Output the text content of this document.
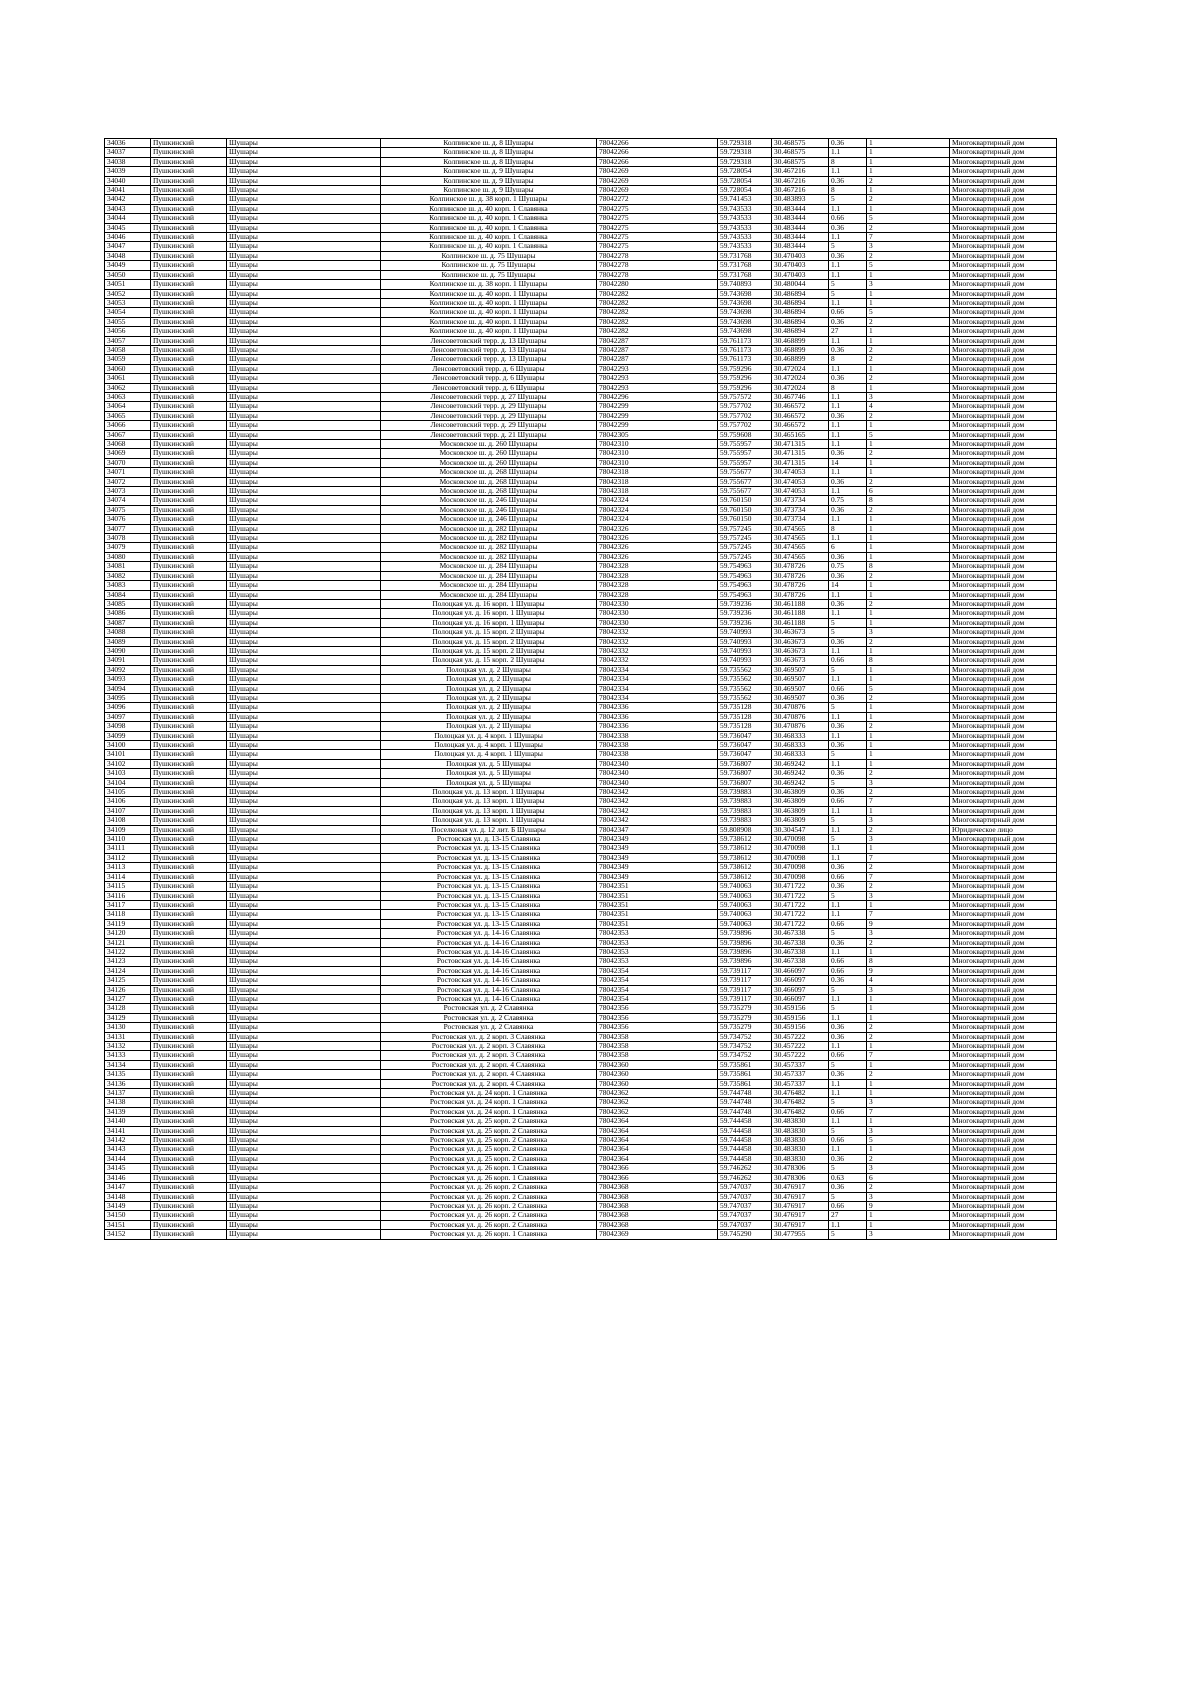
34036	Пушкинский	Шушары	Колпинское ш. д. 8 Шушары	78042266	59.729318	30.468575	0.36	1	Многоквартирный дом
34037	Пушкинский	Шушары	Колпинское ш. д. 8 Шушары	78042266	59.729318	30.468575	1.1	1	Многоквартирный дом
34038	Пушкинский	Шушары	Колпинское ш. д. 8 Шушары	78042266	59.729318	30.468575	8	1	Многоквартирный дом
34039	Пушкинский	Шушары	Колпинское ш. д. 9 Шушары	78042269	59.728054	30.467216	1.1	1	Многоквартирный дом
34040	Пушкинский	Шушары	Колпинское ш. д. 9 Шушары	78042269	59.728054	30.467216	0.36	2	Многоквартирный дом
34041	Пушкинский	Шушары	Колпинское ш. д. 9 Шушары	78042269	59.728054	30.467216	8	1	Многоквартирный дом
34042	Пушкинский	Шушары	Колпинское ш. д. 38 корп. 1 Шушары	78042272	59.741453	30.483893	5	2	Многоквартирный дом
34043	Пушкинский	Шушары	Колпинское ш. д. 40 корп. 1 Славянка	78042275	59.743533	30.483444	1.1	1	Многоквартирный дом
34044	Пушкинский	Шушары	Колпинское ш. д. 40 корп. 1 Славянка	78042275	59.743533	30.483444	0.66	5	Многоквартирный дом
34045	Пушкинский	Шушары	Колпинское ш. д. 40 корп. 1 Славянка	78042275	59.743533	30.483444	0.36	2	Многоквартирный дом
34046	Пушкинский	Шушары	Колпинское ш. д. 40 корп. 1 Славянка	78042275	59.743533	30.483444	1.1	7	Многоквартирный дом
34047	Пушкинский	Шушары	Колпинское ш. д. 40 корп. 1 Славянка	78042275	59.743533	30.483444	5	3	Многоквартирный дом
34048	Пушкинский	Шушары	Колпинское ш. д. 75 Шушары	78042278	59.731768	30.470403	0.36	2	Многоквартирный дом
34049	Пушкинский	Шушары	Колпинское ш. д. 75 Шушары	78042278	59.731768	30.470403	1.1	5	Многоквартирный дом
34050	Пушкинский	Шушары	Колпинское ш. д. 75 Шушары	78042278	59.731768	30.470403	1.1	1	Многоквартирный дом
34051	Пушкинский	Шушары	Колпинское ш. д. 38 корп. 1 Шушары	78042280	59.740893	30.480044	5	3	Многоквартирный дом
34052	Пушкинский	Шушары	Колпинское ш. д. 40 корп. 1 Шушары	78042282	59.743698	30.486894	5	1	Многоквартирный дом
34053	Пушкинский	Шушары	Колпинское ш. д. 40 корп. 1 Шушары	78042282	59.743698	30.486894	1.1	1	Многоквартирный дом
34054	Пушкинский	Шушары	Колпинское ш. д. 40 корп. 1 Шушары	78042282	59.743698	30.486894	0.66	5	Многоквартирный дом
34055	Пушкинский	Шушары	Колпинское ш. д. 40 корп. 1 Шушары	78042282	59.743698	30.486894	0.36	2	Многоквартирный дом
34056	Пушкинский	Шушары	Колпинское ш. д. 40 корп. 1 Шушары	78042282	59.743698	30.486894	27	1	Многоквартирный дом
34057	Пушкинский	Шушары	Ленсоветовский терр. д. 13 Шушары	78042287	59.761173	30.468899	1.1	1	Многоквартирный дом
34058	Пушкинский	Шушары	Ленсоветовский терр. д. 13 Шушары	78042287	59.761173	30.468899	0.36	2	Многоквартирный дом
34059	Пушкинский	Шушары	Ленсоветовский терр. д. 13 Шушары	78042287	59.761173	30.468899	8	2	Многоквартирный дом
34060	Пушкинский	Шушары	Ленсоветовский терр. д. 6 Шушары	78042293	59.759296	30.472024	1.1	1	Многоквартирный дом
34061	Пушкинский	Шушары	Ленсоветовский терр. д. 6 Шушары	78042293	59.759296	30.472024	0.36	2	Многоквартирный дом
34062	Пушкинский	Шушары	Ленсоветовский терр. д. 6 Шушары	78042293	59.759296	30.472024	8	1	Многоквартирный дом
34063	Пушкинский	Шушары	Ленсоветовский терр. д. 27 Шушары	78042296	59.757572	30.467746	1.1	3	Многоквартирный дом
34064	Пушкинский	Шушары	Ленсоветовский терр. д. 29 Шушары	78042299	59.757702	30.466572	1.1	4	Многоквартирный дом
34065	Пушкинский	Шушары	Ленсоветовский терр. д. 29 Шушары	78042299	59.757702	30.466572	0.36	2	Многоквартирный дом
34066	Пушкинский	Шушары	Ленсоветовский терр. д. 29 Шушары	78042299	59.757702	30.466572	1.1	1	Многоквартирный дом
34067	Пушкинский	Шушары	Ленсоветовский терр. д. 21 Шушары	78042305	59.759608	30.465165	1.1	5	Многоквартирный дом
34068	Пушкинский	Шушары	Московское ш. д. 260 Шушары	78042310	59.755957	30.471315	1.1	1	Многоквартирный дом
34069	Пушкинский	Шушары	Московское ш. д. 260 Шушары	78042310	59.755957	30.471315	0.36	2	Многоквартирный дом
34070	Пушкинский	Шушары	Московское ш. д. 260 Шушары	78042310	59.755957	30.471315	14	1	Многоквартирный дом
34071	Пушкинский	Шушары	Московское ш. д. 268 Шушары	78042318	59.755677	30.474053	1.1	1	Многоквартирный дом
34072	Пушкинский	Шушары	Московское ш. д. 268 Шушары	78042318	59.755677	30.474053	0.36	2	Многоквартирный дом
34073	Пушкинский	Шушары	Московское ш. д. 268 Шушары	78042318	59.755677	30.474053	1.1	6	Многоквартирный дом
34074	Пушкинский	Шушары	Московское ш. д. 246 Шушары	78042324	59.760150	30.473734	0.75	8	Многоквартирный дом
34075	Пушкинский	Шушары	Московское ш. д. 246 Шушары	78042324	59.760150	30.473734	0.36	2	Многоквартирный дом
34076	Пушкинский	Шушары	Московское ш. д. 246 Шушары	78042324	59.760150	30.473734	1.1	1	Многоквартирный дом
34077	Пушкинский	Шушары	Московское ш. д. 282 Шушары	78042326	59.757245	30.474565	8	1	Многоквартирный дом
34078	Пушкинский	Шушары	Московское ш. д. 282 Шушары	78042326	59.757245	30.474565	1.1	1	Многоквартирный дом
34079	Пушкинский	Шушары	Московское ш. д. 282 Шушары	78042326	59.757245	30.474565	6	1	Многоквартирный дом
34080	Пушкинский	Шушары	Московское ш. д. 282 Шушары	78042326	59.757245	30.474565	0.36	1	Многоквартирный дом
34081	Пушкинский	Шушары	Московское ш. д. 284 Шушары	78042328	59.754963	30.478726	0.75	8	Многоквартирный дом
34082	Пушкинский	Шушары	Московское ш. д. 284 Шушары	78042328	59.754963	30.478726	0.36	2	Многоквартирный дом
34083	Пушкинский	Шушары	Московское ш. д. 284 Шушары	78042328	59.754963	30.478726	14	1	Многоквартирный дом
34084	Пушкинский	Шушары	Московское ш. д. 284 Шушары	78042328	59.754963	30.478726	1.1	1	Многоквартирный дом
34085	Пушкинский	Шушары	Полоцкая ул. д. 16 корп. 1 Шушары	78042330	59.739236	30.461188	0.36	2	Многоквартирный дом
34086	Пушкинский	Шушары	Полоцкая ул. д. 16 корп. 1 Шушары	78042330	59.739236	30.461188	1.1	1	Многоквартирный дом
34087	Пушкинский	Шушары	Полоцкая ул. д. 16 корп. 1 Шушары	78042330	59.739236	30.461188	5	1	Многоквартирный дом
34088	Пушкинский	Шушары	Полоцкая ул. д. 15 корп. 2 Шушары	78042332	59.740993	30.463673	5	3	Многоквартирный дом
34089	Пушкинский	Шушары	Полоцкая ул. д. 15 корп. 2 Шушары	78042332	59.740993	30.463673	0.36	2	Многоквартирный дом
34090	Пушкинский	Шушары	Полоцкая ул. д. 15 корп. 2 Шушары	78042332	59.740993	30.463673	1.1	1	Многоквартирный дом
34091	Пушкинский	Шушары	Полоцкая ул. д. 15 корп. 2 Шушары	78042332	59.740993	30.463673	0.66	8	Многоквартирный дом
34092	Пушкинский	Шушары	Полоцкая ул. д. 2 Шушары	78042334	59.735562	30.469507	5	1	Многоквартирный дом
34093	Пушкинский	Шушары	Полоцкая ул. д. 2 Шушары	78042334	59.735562	30.469507	1.1	1	Многоквартирный дом
34094	Пушкинский	Шушары	Полоцкая ул. д. 2 Шушары	78042334	59.735562	30.469507	0.66	5	Многоквартирный дом
34095	Пушкинский	Шушары	Полоцкая ул. д. 2 Шушары	78042334	59.735562	30.469507	0.36	2	Многоквартирный дом
34096	Пушкинский	Шушары	Полоцкая ул. д. 2 Шушары	78042336	59.735128	30.470876	5	1	Многоквартирный дом
34097	Пушкинский	Шушары	Полоцкая ул. д. 2 Шушары	78042336	59.735128	30.470876	1.1	1	Многоквартирный дом
34098	Пушкинский	Шушары	Полоцкая ул. д. 2 Шушары	78042336	59.735128	30.470876	0.36	2	Многоквартирный дом
34099	Пушкинский	Шушары	Полоцкая ул. д. 4 корп. 1 Шушары	78042338	59.736047	30.468333	1.1	1	Многоквартирный дом
34100	Пушкинский	Шушары	Полоцкая ул. д. 4 корп. 1 Шушары	78042338	59.736047	30.468333	0.36	1	Многоквартирный дом
34101	Пушкинский	Шушары	Полоцкая ул. д. 4 корп. 1 Шушары	78042338	59.736047	30.468333	5	1	Многоквартирный дом
34102	Пушкинский	Шушары	Полоцкая ул. д. 5 Шушары	78042340	59.736807	30.469242	1.1	1	Многоквартирный дом
34103	Пушкинский	Шушары	Полоцкая ул. д. 5 Шушары	78042340	59.736807	30.469242	0.36	2	Многоквартирный дом
34104	Пушкинский	Шушары	Полоцкая ул. д. 5 Шушары	78042340	59.736807	30.469242	5	3	Многоквартирный дом
34105	Пушкинский	Шушары	Полоцкая ул. д. 13 корп. 1 Шушары	78042342	59.739883	30.463809	0.36	2	Многоквартирный дом
34106	Пушкинский	Шушары	Полоцкая ул. д. 13 корп. 1 Шушары	78042342	59.739883	30.463809	0.66	7	Многоквартирный дом
34107	Пушкинский	Шушары	Полоцкая ул. д. 13 корп. 1 Шушары	78042342	59.739883	30.463809	1.1	1	Многоквартирный дом
34108	Пушкинский	Шушары	Полоцкая ул. д. 13 корп. 1 Шушары	78042342	59.739883	30.463809	5	3	Многоквартирный дом
34109	Пушкинский	Шушары	Поселковая ул. д. 12 лит. Б Шушары	78042347	59.808908	30.304547	1.1	2	Юридическое лицо
34110	Пушкинский	Шушары	Ростовская ул. д. 13-15 Славянка	78042349	59.738612	30.470098	5	3	Многоквартирный дом
34111	Пушкинский	Шушары	Ростовская ул. д. 13-15 Славянка	78042349	59.738612	30.470098	1.1	1	Многоквартирный дом
34112	Пушкинский	Шушары	Ростовская ул. д. 13-15 Славянка	78042349	59.738612	30.470098	1.1	7	Многоквартирный дом
34113	Пушкинский	Шушары	Ростовская ул. д. 13-15 Славянка	78042349	59.738612	30.470098	0.36	2	Многоквартирный дом
34114	Пушкинский	Шушары	Ростовская ул. д. 13-15 Славянка	78042349	59.738612	30.470098	0.66	7	Многоквартирный дом
34115	Пушкинский	Шушары	Ростовская ул. д. 13-15 Славянка	78042351	59.740063	30.471722	0.36	2	Многоквартирный дом
34116	Пушкинский	Шушары	Ростовская ул. д. 13-15 Славянка	78042351	59.740063	30.471722	5	3	Многоквартирный дом
34117	Пушкинский	Шушары	Ростовская ул. д. 13-15 Славянка	78042351	59.740063	30.471722	1.1	1	Многоквартирный дом
34118	Пушкинский	Шушары	Ростовская ул. д. 13-15 Славянка	78042351	59.740063	30.471722	1.1	7	Многоквартирный дом
34119	Пушкинский	Шушары	Ростовская ул. д. 13-15 Славянка	78042351	59.740063	30.471722	0.66	9	Многоквартирный дом
34120	Пушкинский	Шушары	Ростовская ул. д. 14-16 Славянка	78042353	59.739896	30.467338	5	3	Многоквартирный дом
34121	Пушкинский	Шушары	Ростовская ул. д. 14-16 Славянка	78042353	59.739896	30.467338	0.36	2	Многоквартирный дом
34122	Пушкинский	Шушары	Ростовская ул. д. 14-16 Славянка	78042353	59.739896	30.467338	1.1	1	Многоквартирный дом
34123	Пушкинский	Шушары	Ростовская ул. д. 14-16 Славянка	78042353	59.739896	30.467338	0.66	8	Многоквартирный дом
34124	Пушкинский	Шушары	Ростовская ул. д. 14-16 Славянка	78042354	59.739117	30.466097	0.66	9	Многоквартирный дом
34125	Пушкинский	Шушары	Ростовская ул. д. 14-16 Славянка	78042354	59.739117	30.466097	0.36	4	Многоквартирный дом
34126	Пушкинский	Шушары	Ростовская ул. д. 14-16 Славянка	78042354	59.739117	30.466097	5	3	Многоквартирный дом
34127	Пушкинский	Шушары	Ростовская ул. д. 14-16 Славянка	78042354	59.739117	30.466097	1.1	1	Многоквартирный дом
34128	Пушкинский	Шушары	Ростовская ул. д. 2 Славянка	78042356	59.735279	30.459156	5	1	Многоквартирный дом
34129	Пушкинский	Шушары	Ростовская ул. д. 2 Славянка	78042356	59.735279	30.459156	1.1	1	Многоквартирный дом
34130	Пушкинский	Шушары	Ростовская ул. д. 2 Славянка	78042356	59.735279	30.459156	0.36	2	Многоквартирный дом
34131	Пушкинский	Шушары	Ростовская ул. д. 2 корп. 3 Славянка	78042358	59.734752	30.457222	0.36	2	Многоквартирный дом
34132	Пушкинский	Шушары	Ростовская ул. д. 2 корп. 3 Славянка	78042358	59.734752	30.457222	1.1	1	Многоквартирный дом
34133	Пушкинский	Шушары	Ростовская ул. д. 2 корп. 3 Славянка	78042358	59.734752	30.457222	0.66	7	Многоквартирный дом
34134	Пушкинский	Шушары	Ростовская ул. д. 2 корп. 4 Славянка	78042360	59.735861	30.457337	5	1	Многоквартирный дом
34135	Пушкинский	Шушары	Ростовская ул. д. 2 корп. 4 Славянка	78042360	59.735861	30.457337	0.36	2	Многоквартирный дом
34136	Пушкинский	Шушары	Ростовская ул. д. 2 корп. 4 Славянка	78042360	59.735861	30.457337	1.1	1	Многоквартирный дом
34137	Пушкинский	Шушары	Ростовская ул. д. 24 корп. 1 Славянка	78042362	59.744748	30.476482	1.1	1	Многоквартирный дом
34138	Пушкинский	Шушары	Ростовская ул. д. 24 корп. 1 Славянка	78042362	59.744748	30.476482	5	3	Многоквартирный дом
34139	Пушкинский	Шушары	Ростовская ул. д. 24 корп. 1 Славянка	78042362	59.744748	30.476482	0.66	7	Многоквартирный дом
34140	Пушкинский	Шушары	Ростовская ул. д. 25 корп. 2 Славянка	78042364	59.744458	30.483830	1.1	1	Многоквартирный дом
34141	Пушкинский	Шушары	Ростовская ул. д. 25 корп. 2 Славянка	78042364	59.744458	30.483830	5	3	Многоквартирный дом
34142	Пушкинский	Шушары	Ростовская ул. д. 25 корп. 2 Славянка	78042364	59.744458	30.483830	0.66	5	Многоквартирный дом
34143	Пушкинский	Шушары	Ростовская ул. д. 25 корп. 2 Славянка	78042364	59.744458	30.483830	1.1	1	Многоквартирный дом
34144	Пушкинский	Шушары	Ростовская ул. д. 25 корп. 2 Славянка	78042364	59.744458	30.483830	0.36	2	Многоквартирный дом
34145	Пушкинский	Шушары	Ростовская ул. д. 26 корп. 1 Славянка	78042366	59.746262	30.478306	5	3	Многоквартирный дом
34146	Пушкинский	Шушары	Ростовская ул. д. 26 корп. 1 Славянка	78042366	59.746262	30.478306	0.63	6	Многоквартирный дом
34147	Пушкинский	Шушары	Ростовская ул. д. 26 корп. 2 Славянка	78042368	59.747037	30.476917	0.36	2	Многоквартирный дом
34148	Пушкинский	Шушары	Ростовская ул. д. 26 корп. 2 Славянка	78042368	59.747037	30.476917	5	3	Многоквартирный дом
34149	Пушкинский	Шушары	Ростовская ул. д. 26 корп. 2 Славянка	78042368	59.747037	30.476917	0.66	9	Многоквартирный дом
34150	Пушкинский	Шушары	Ростовская ул. д. 26 корп. 2 Славянка	78042368	59.747037	30.476917	27	1	Многоквартирный дом
34151	Пушкинский	Шушары	Ростовская ул. д. 26 корп. 2 Славянка	78042368	59.747037	30.476917	1.1	1	Многоквартирный дом
34152	Пушкинский	Шушары	Ростовская ул. д. 26 корп. 1 Славянка	78042369	59.745290	30.477955	5	3	Многоквартирный дом
